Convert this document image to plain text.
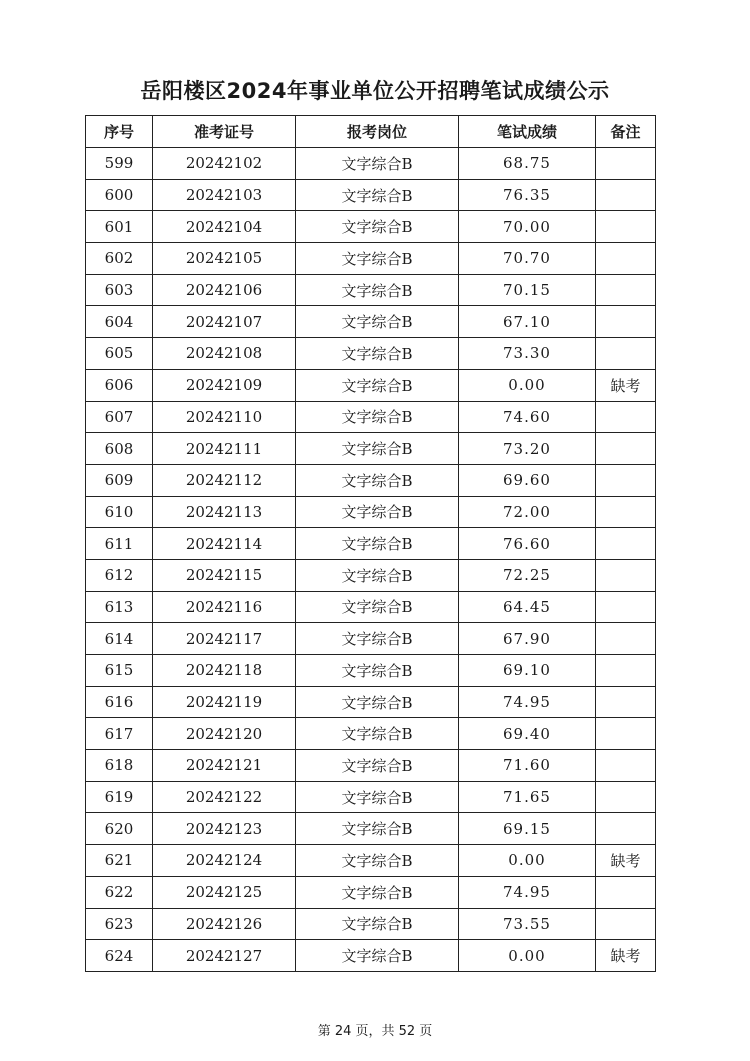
岳阳楼区2024年事业单位公开招聘笔试成绩公示
序号	准考证号	报考岗位	笔试成绩	备注
599	20242102	文字综合B	68.75	
600	20242103	文字综合B	76.35	
601	20242104	文字综合B	70.00	
602	20242105	文字综合B	70.70	
603	20242106	文字综合B	70.15	
604	20242107	文字综合B	67.10	
605	20242108	文字综合B	73.30	
606	20242109	文字综合B	0.00	缺考
607	20242110	文字综合B	74.60	
608	20242111	文字综合B	73.20	
609	20242112	文字综合B	69.60	
610	20242113	文字综合B	72.00	
611	20242114	文字综合B	76.60	
612	20242115	文字综合B	72.25	
613	20242116	文字综合B	64.45	
614	20242117	文字综合B	67.90	
615	20242118	文字综合B	69.10	
616	20242119	文字综合B	74.95	
617	20242120	文字综合B	69.40	
618	20242121	文字综合B	71.60	
619	20242122	文字综合B	71.65	
620	20242123	文字综合B	69.15	
621	20242124	文字综合B	0.00	缺考
622	20242125	文字综合B	74.95	
623	20242126	文字综合B	73.55	
624	20242127	文字综合B	0.00	缺考
第 24 页，共 52 页
